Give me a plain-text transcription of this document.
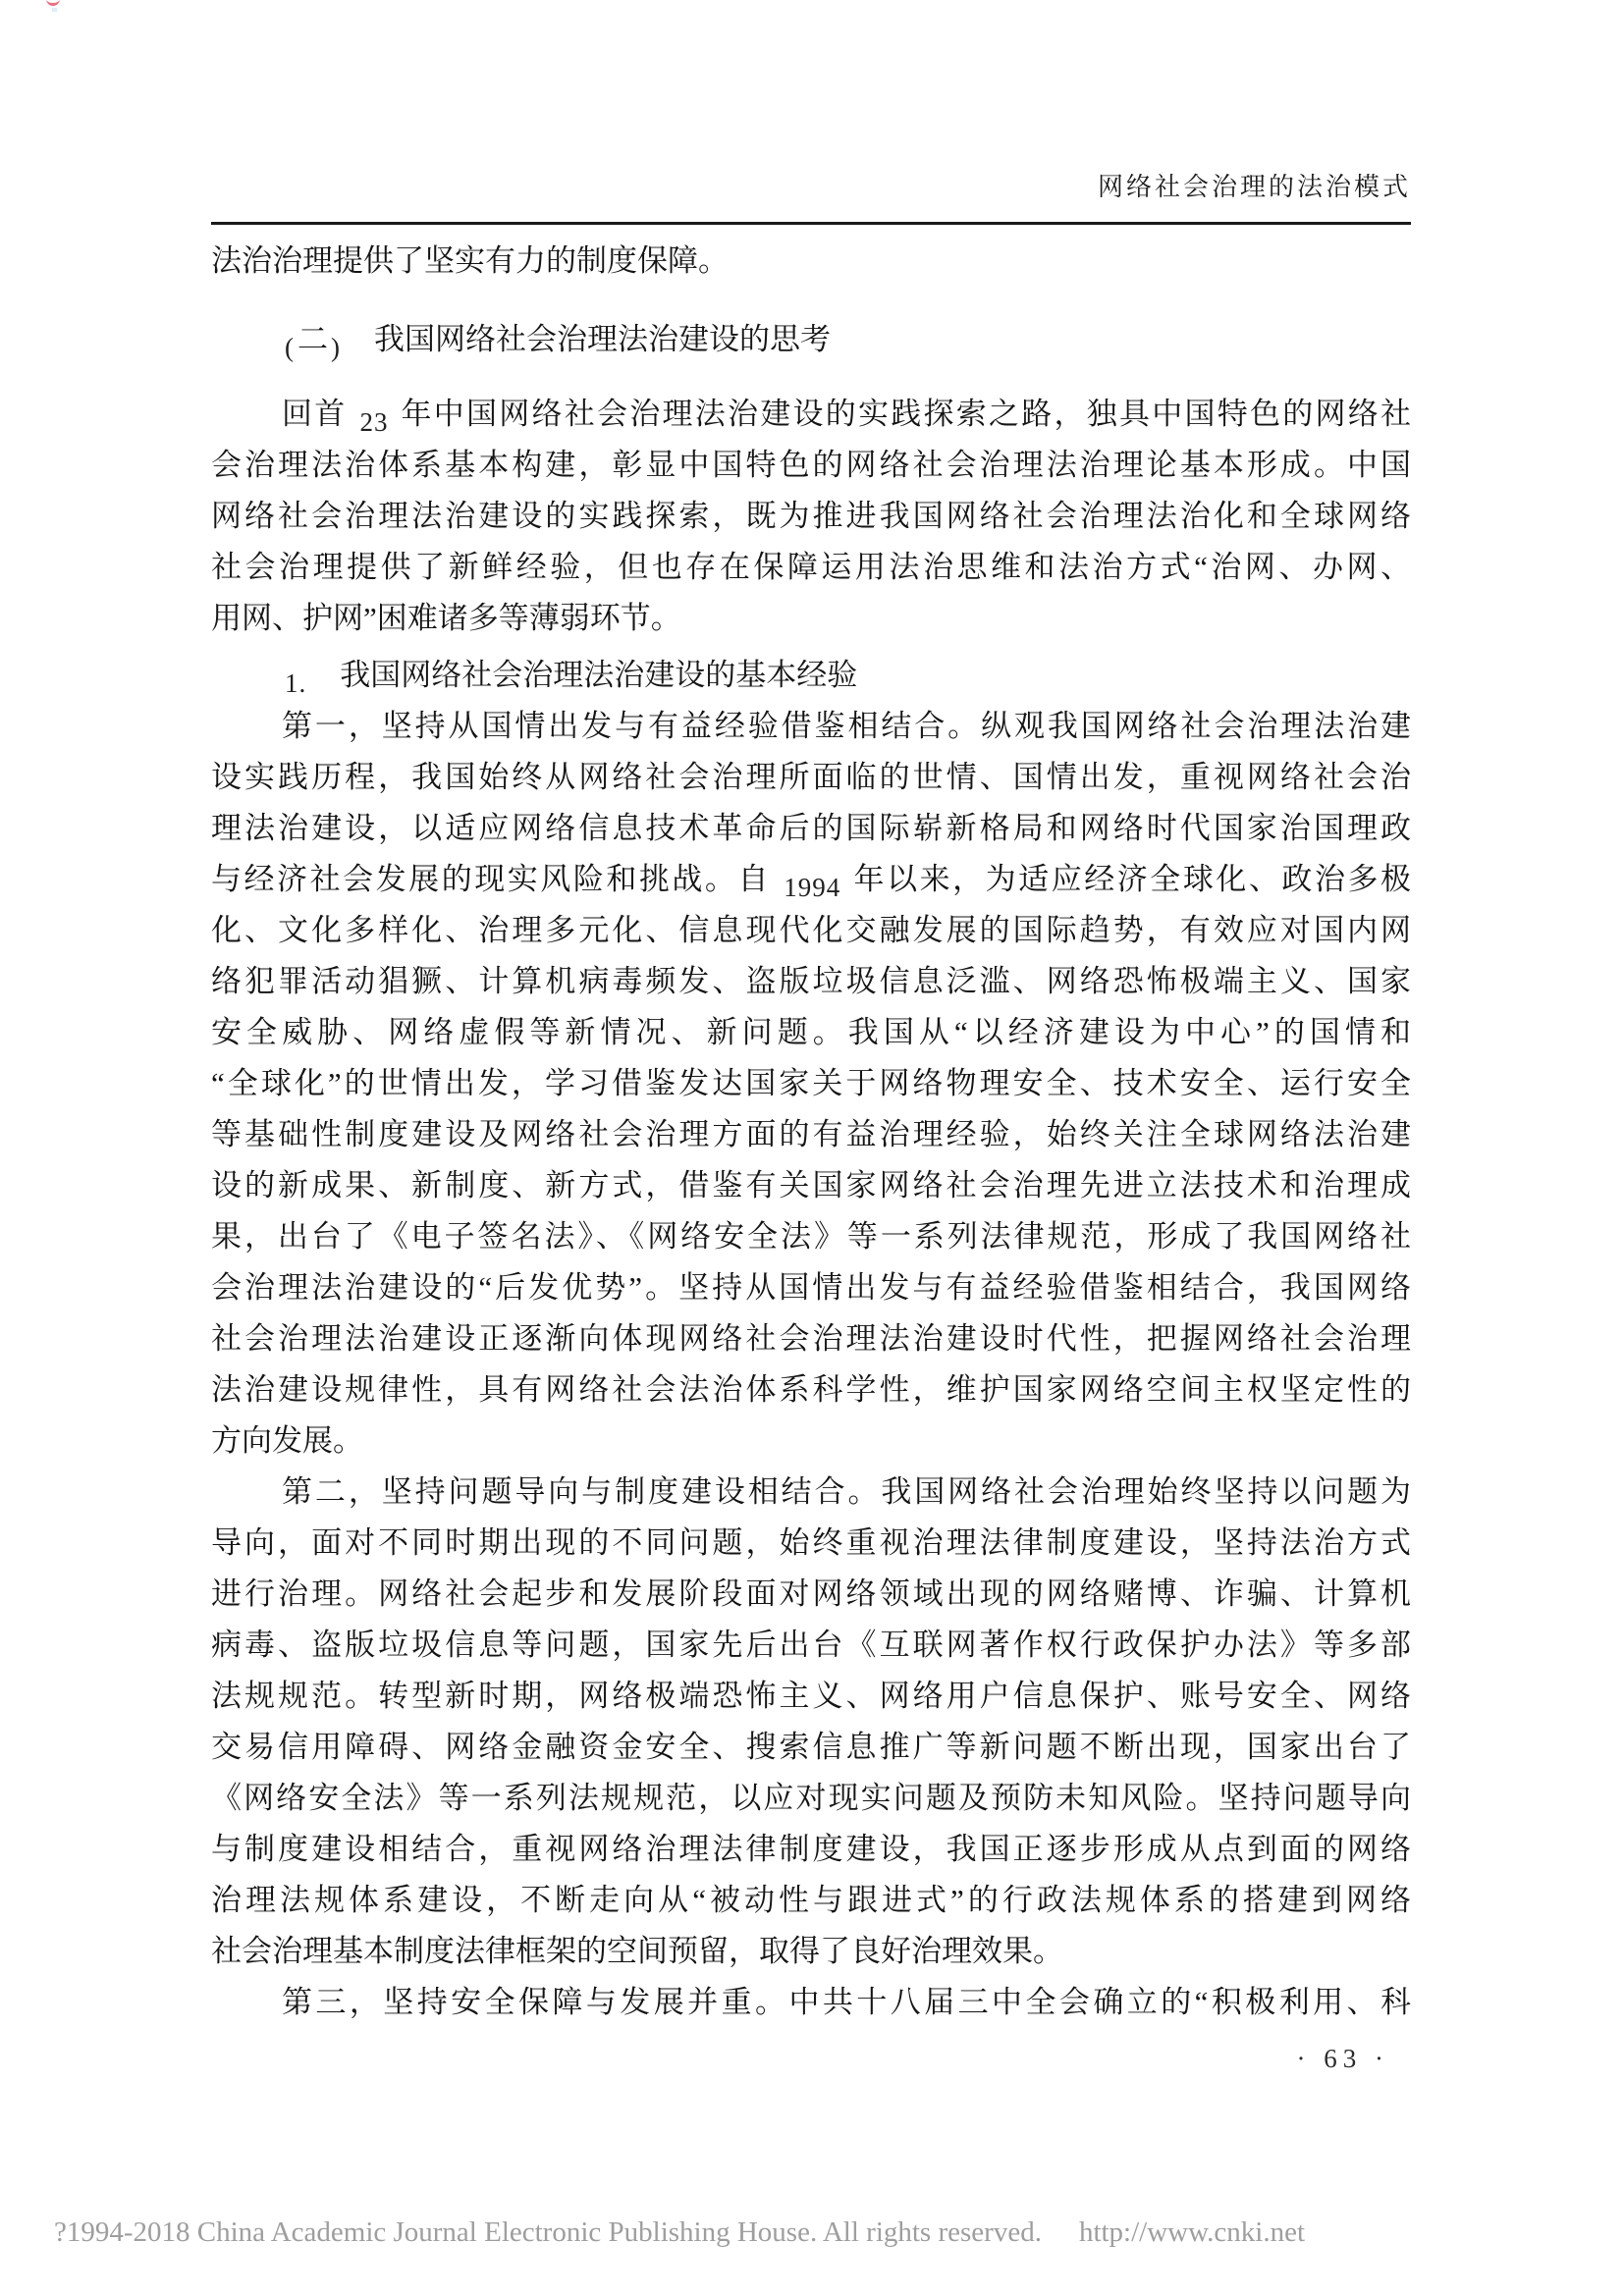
网络社会治理的法治模式
法治治理提供了坚实有力的制度保障。
(二 )　我国网络社会治理法治建设的思考
回首 23 年中国网络社会治理法治建设的实践探索之路，独具中国特色的网络社
会治理法治体系基本构建，彰显中国特色的网络社会治理法治理论基本形成。中国
网络社会治理法治建设的实践探索，既为推进我国网络社会治理法治化和全球网络
社会治理提供了新鲜经验，但也存在保障运用法治思维和法治方式“治网、办网、
用网、护网”困难诸多等薄弱环节。
1.　我国网络社会治理法治建设的基本经验
第一，坚持从国情出发与有益经验借鉴相结合。纵观我国网络社会治理法治建
设实践历程，我国始终从网络社会治理所面临的世情、国情出发，重视网络社会治
理法治建设，以适应网络信息技术革命后的国际崭新格局和网络时代国家治国理政
与经济社会发展的现实风险和挑战。自 1994 年以来，为适应经济全球化、政治多极
化、文化多样化、治理多元化、信息现代化交融发展的国际趋势，有效应对国内网
络犯罪活动猖獗、计算机病毒频发、盗版垃圾信息泛滥、网络恐怖极端主义、国家
安全威胁、网络虚假等新情况、新问题。我国从“以经济建设为中心”的国情和
“全球化”的世情出发，学习借鉴发达国家关于网络物理安全、技术安全、运行安全
等基础性制度建设及网络社会治理方面的有益治理经验，始终关注全球网络法治建
设的新成果、新制度、新方式，借鉴有关国家网络社会治理先进立法技术和治理成
果，出台了《电子签名法》、《网络安全法》等一系列法律规范，形成了我国网络社
会治理法治建设的“后发优势”。坚持从国情出发与有益经验借鉴相结合，我国网络
社会治理法治建设正逐渐向体现网络社会治理法治建设时代性，把握网络社会治理
法治建设规律性，具有网络社会法治体系科学性，维护国家网络空间主权坚定性的
方向发展。
第二，坚持问题导向与制度建设相结合。我国网络社会治理始终坚持以问题为
导向，面对不同时期出现的不同问题，始终重视治理法律制度建设，坚持法治方式
进行治理。网络社会起步和发展阶段面对网络领域出现的网络赌博、诈骗、计算机
病毒、盗版垃圾信息等问题，国家先后出台《互联网著作权行政保护办法》等多部
法规规范。转型新时期，网络极端恐怖主义、网络用户信息保护、账号安全、网络
交易信用障碍、网络金融资金安全、搜索信息推广等新问题不断出现，国家出台了
《网络安全法》等一系列法规规范，以应对现实问题及预防未知风险。坚持问题导向
与制度建设相结合，重视网络治理法律制度建设，我国正逐步形成从点到面的网络
治理法规体系建设，不断走向从“被动性与跟进式”的行政法规体系的搭建到网络
社会治理基本制度法律框架的空间预留，取得了良好治理效果。
第三，坚持安全保障与发展并重。中共十八届三中全会确立的“积极利用、科
· 63 ·
?1994-2018 China Academic Journal Electronic Publishing House. All rights reserved. http://www.cnki.net
